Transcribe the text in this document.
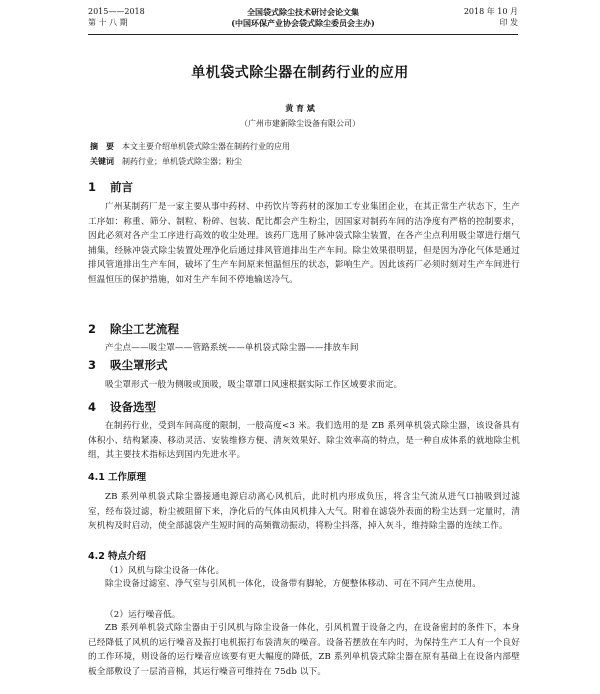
2015——2018	全国袋式除尘技术研讨会论文集	2018 年 10 月
第 十 八 期	(中国环保产业协会袋式除尘委员会主办)	印 发
单机袋式除尘器在制药行业的应用
黄 育 斌
（广州市建新除尘设备有限公司）
摘　要 本文主要介绍单机袋式除尘器在制药行业的应用
关键词 制药行业；单机袋式除尘器；粉尘
1 前言
广州某制药厂是一家主要从事中药材、中药饮片等药材的深加工专业集团企业，在其正常生产状态下，生产工序如：称重、筛分、制粒、粉碎、包装、配比都会产生粉尘，因国家对制药车间的洁净度有严格的控制要求，因此必须对各产尘工序进行高效的收尘处理。该药厂选用了脉冲袋式除尘装置，在各产尘点利用吸尘罩进行烟气捕集，经脉冲袋式除尘装置处理净化后通过排风管道排出生产车间。除尘效果很明显，但是因为净化气体是通过排风管道排出生产车间，破坏了生产车间原来恒温恒压的状态，影响生产。因此该药厂必须时刻对生产车间进行恒温恒压的保护措施，如对生产车间不停地输送冷气。
2 除尘工艺流程
产尘点——吸尘罩——管路系统——单机袋式除尘器——排放车间
3 吸尘罩形式
吸尘罩形式一般为侧吸或顶吸，吸尘罩罩口风速根据实际工作区域要求而定。
4 设备选型
在制药行业，受到车间高度的限制，一般高度<3 米。我们选用的是 ZB 系列单机袋式除尘器，该设备具有体积小、结构紧凑、移动灵活、安装维修方便、清灰效果好、除尘效率高的特点，是一种自成体系的就地除尘机组，其主要技术指标达到国内先进水平。
4.1 工作原理
ZB 系列单机袋式除尘器接通电源启动离心风机后，此时机内形成负压，将含尘气流从进气口抽吸到过滤室，经布袋过滤，粉尘被阻留下来，净化后的气体由风机排入大气。附着在滤袋外表面的粉尘达到一定量时，清灰机构及时启动，使全部滤袋产生短时间的高频微动振动，将粉尘抖落，掉入灰斗，维持除尘器的连续工作。
4.2 特点介绍
（1）风机与除尘设备一体化。
除尘设备过滤室、净气室与引风机一体化，设备带有脚轮，方便整体移动、可在不同产生点使用。
（2）运行噪音低。
ZB 系列单机袋式除尘器由于引风机与除尘设备一体化，引风机置于设备之内，在设备密封的条件下，本身已经降低了风机的运行噪音及振打电机振打布袋清灰的噪音。设备若摆放在车内时，为保持生产工人有一个良好的工作环境，则设备的运行噪音应该要有更大幅度的降低，ZB 系列单机袋式除尘器在原有基础上在设备内部壁板全部敷设了一层消音棉，其运行噪音可维持在 75db 以下。
